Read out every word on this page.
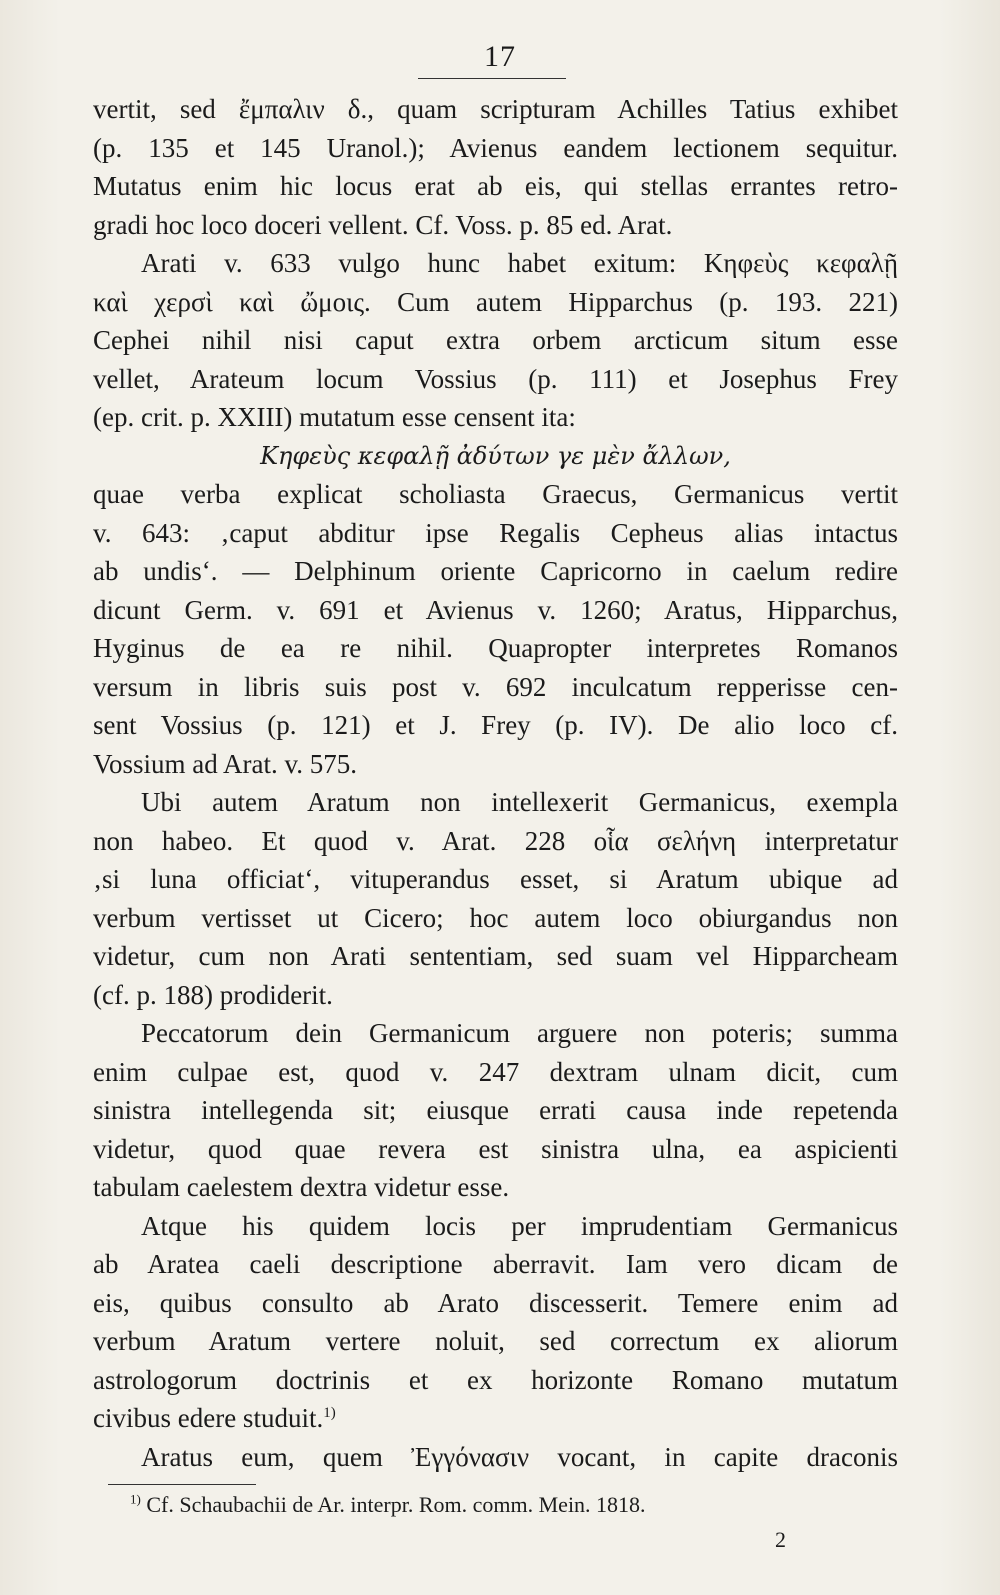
17
vertit, sed ἔμπαλιν δ., quam scripturam Achilles Tatius exhibet
(p. 135 et 145 Uranol.); Avienus eandem lectionem sequitur.
Mutatus enim hic locus erat ab eis, qui stellas errantes retro-
gradi hoc loco doceri vellent. Cf. Voss. p. 85 ed. Arat.
Arati v. 633 vulgo hunc habet exitum: Κηφεὺς κεφαλῇ
καὶ χερσὶ καὶ ὤμοις. Cum autem Hipparchus (p. 193. 221)
Cephei nihil nisi caput extra orbem arcticum situm esse
vellet, Arateum locum Vossius (p. 111) et Josephus Frey
(ep. crit. p. XXIII) mutatum esse censent ita:
Κηφεὺς κεφαλῇ ἀδύτων γε μὲν ἄλλων,
quae verba explicat scholiasta Graecus, Germanicus vertit
v. 643: ‚caput abditur ipse Regalis Cepheus alias intactus
ab undis‘. — Delphinum oriente Capricorno in caelum redire
dicunt Germ. v. 691 et Avienus v. 1260; Aratus, Hipparchus,
Hyginus de ea re nihil. Quapropter interpretes Romanos
versum in libris suis post v. 692 inculcatum repperisse cen-
sent Vossius (p. 121) et J. Frey (p. IV). De alio loco cf.
Vossium ad Arat. v. 575.
Ubi autem Aratum non intellexerit Germanicus, exempla
non habeo. Et quod v. Arat. 228 οἷα σελήνη interpretatur
‚si luna officiat‘, vituperandus esset, si Aratum ubique ad
verbum vertisset ut Cicero; hoc autem loco obiurgandus non
videtur, cum non Arati sententiam, sed suam vel Hipparcheam
(cf. p. 188) prodiderit.
Peccatorum dein Germanicum arguere non poteris; summa
enim culpae est, quod v. 247 dextram ulnam dicit, cum
sinistra intellegenda sit; eiusque errati causa inde repetenda
videtur, quod quae revera est sinistra ulna, ea aspicienti
tabulam caelestem dextra videtur esse.
Atque his quidem locis per imprudentiam Germanicus
ab Aratea caeli descriptione aberravit. Iam vero dicam de
eis, quibus consulto ab Arato discesserit. Temere enim ad
verbum Aratum vertere noluit, sed correctum ex aliorum
astrologorum doctrinis et ex horizonte Romano mutatum
civibus edere studuit.$^{1)}$
Aratus eum, quem Ἐγγόνασιν vocant, in capite draconis
$^{1)}$ Cf. Schaubachii de Ar. interpr. Rom. comm. Mein. 1818.
2
